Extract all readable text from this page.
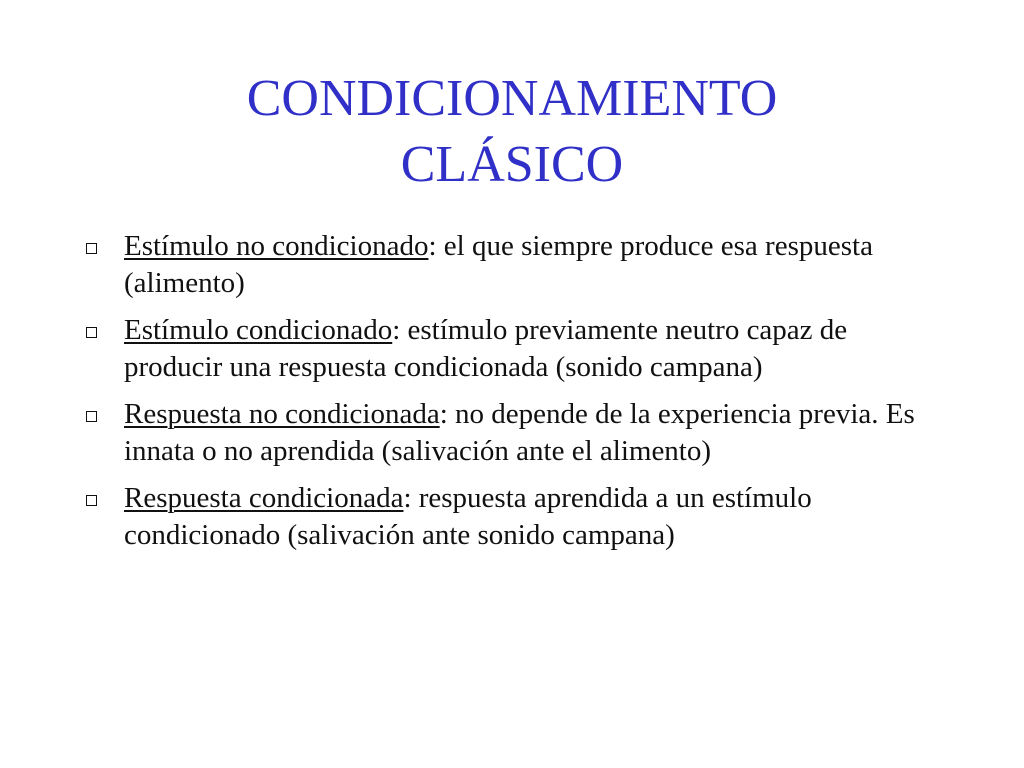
CONDICIONAMIENTO
CLÁSICO
Estímulo no condicionado: el que siempre produce esa respuesta (alimento)
Estímulo condicionado: estímulo previamente neutro capaz de producir una respuesta condicionada (sonido campana)
Respuesta no condicionada: no depende de la experiencia previa. Es innata o no aprendida (salivación ante el alimento)
Respuesta condicionada: respuesta aprendida a un estímulo condicionado (salivación ante sonido campana)
